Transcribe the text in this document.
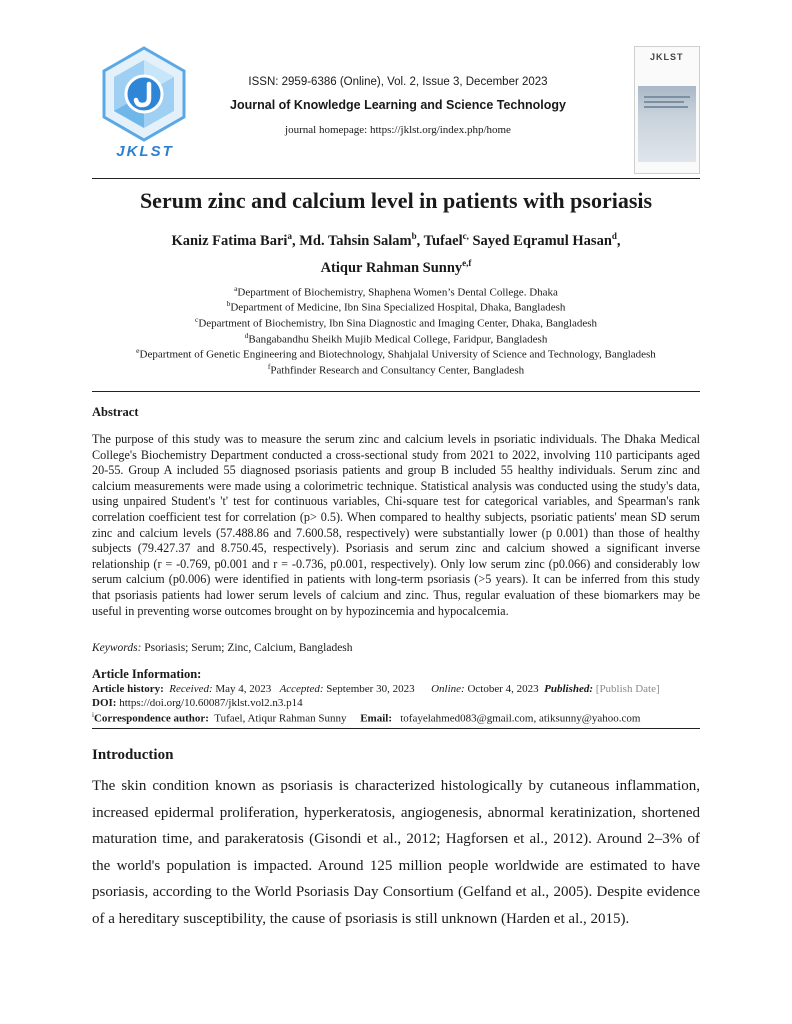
JKLST
ISSN: 2959-6386 (Online), Vol. 2, Issue 3, December 2023
Journal of Knowledge Learning and Science Technology
journal homepage: https://jklst.org/index.php/home
JKLST
Serum zinc and calcium level in patients with psoriasis
Kaniz Fatima Bari$^a$, Md. Tahsin Salam$^b$, Tufael$^{c,}$ Sayed Eqramul Hasan$^d$,
Atiqur Rahman Sunny$^{e,f}$
$^a$Department of Biochemistry, Shaphena Women’s Dental College. Dhaka
$^b$Department of Medicine, Ibn Sina Specialized Hospital, Dhaka, Bangladesh
$^c$Department of Biochemistry, Ibn Sina Diagnostic and Imaging Center, Dhaka, Bangladesh
$^d$Bangabandhu Sheikh Mujib Medical College, Faridpur, Bangladesh
$^e$Department of Genetic Engineering and Biotechnology, Shahjalal University of Science and Technology, Bangladesh
$^f$Pathfinder Research and Consultancy Center, Bangladesh
Abstract
The purpose of this study was to measure the serum zinc and calcium levels in psoriatic individuals. The Dhaka Medical College's Biochemistry Department conducted a cross-sectional study from 2021 to 2022, involving 110 participants aged 20-55. Group A included 55 diagnosed psoriasis patients and group B included 55 healthy individuals. Serum zinc and calcium measurements were made using a colorimetric technique. Statistical analysis was conducted using the study's data, using unpaired Student's 't' test for continuous variables, Chi-square test for categorical variables, and Spearman's rank correlation coefficient test for correlation (p> 0.5). When compared to healthy subjects, psoriatic patients' mean SD serum zinc and calcium levels (57.488.86 and 7.600.58, respectively) were substantially lower (p 0.001) than those of healthy subjects (79.427.37 and 8.750.45, respectively). Psoriasis and serum zinc and calcium showed a significant inverse relationship (r = -0.769, p0.001 and r = -0.736, p0.001, respectively). Only low serum zinc (p0.066) and considerably low serum calcium (p0.006) were identified in patients with long-term psoriasis (>5 years). It can be inferred from this study that psoriasis patients had lower serum levels of calcium and zinc. Thus, regular evaluation of these biomarkers may be useful in preventing worse outcomes brought on by hypozincemia and hypocalcemia.
Keywords: Psoriasis; Serum; Zinc, Calcium, Bangladesh
Article Information:
Article history: Received: May 4, 2023 Accepted: September 30, 2023 Online: October 4, 2023 Published: [Publish Date]
DOI: https://doi.org/10.60087/jklst.vol2.n3.p14
$^i$Correspondence author: Tufael, Atiqur Rahman Sunny Email: tofayelahmed083@gmail.com, atiksunny@yahoo.com
Introduction
The skin condition known as psoriasis is characterized histologically by cutaneous inflammation, increased epidermal proliferation, hyperkeratosis, angiogenesis, abnormal keratinization, shortened maturation time, and parakeratosis (Gisondi et al., 2012; Hagforsen et al., 2012). Around 2–3% of the world's population is impacted. Around 125 million people worldwide are estimated to have psoriasis, according to the World Psoriasis Day Consortium (Gelfand et al., 2005). Despite evidence of a hereditary susceptibility, the cause of psoriasis is still unknown (Harden et al., 2015).
